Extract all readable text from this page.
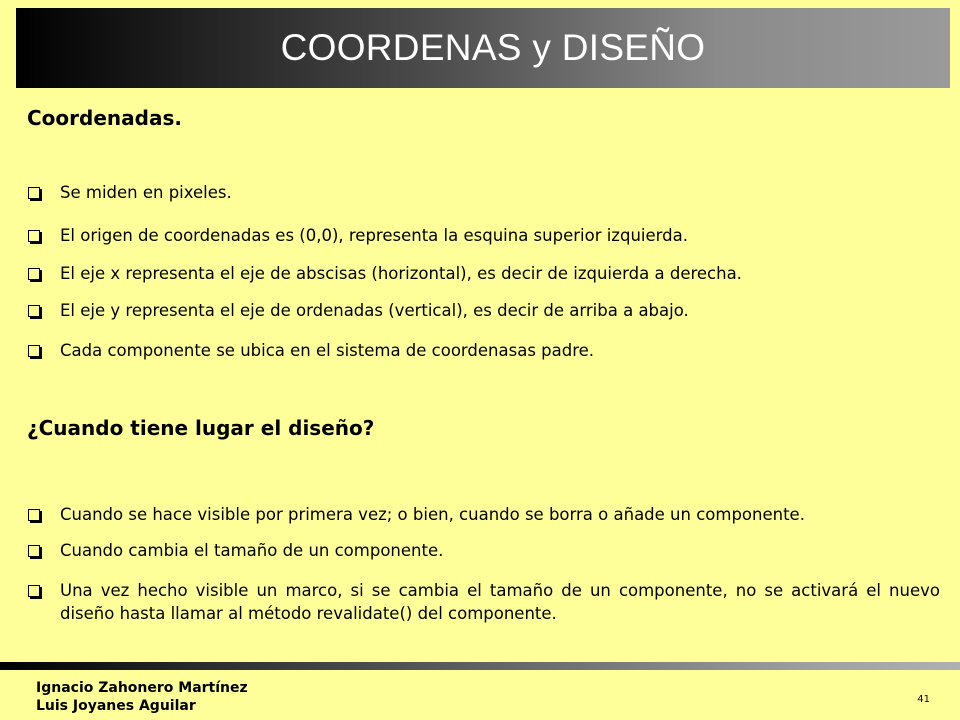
COORDENAS y DISEÑO
Coordenadas.
Se miden en pixeles.
El origen de coordenadas es (0,0), representa la esquina superior izquierda.
El eje x representa el eje de abscisas (horizontal), es decir de izquierda a derecha.
El eje y representa el eje de ordenadas (vertical), es decir de arriba a abajo.
Cada componente se ubica en el sistema de coordenasas padre.
¿Cuando tiene lugar el diseño?
Cuando se hace visible por primera vez; o bien, cuando se borra o añade un componente.
Cuando cambia el tamaño de un componente.
Una vez hecho visible un marco, si se cambia el tamaño de un componente, no se activará el nuevo diseño hasta llamar al método revalidate() del componente.
Ignacio Zahonero Martínez
Luis Joyanes Aguilar	41
